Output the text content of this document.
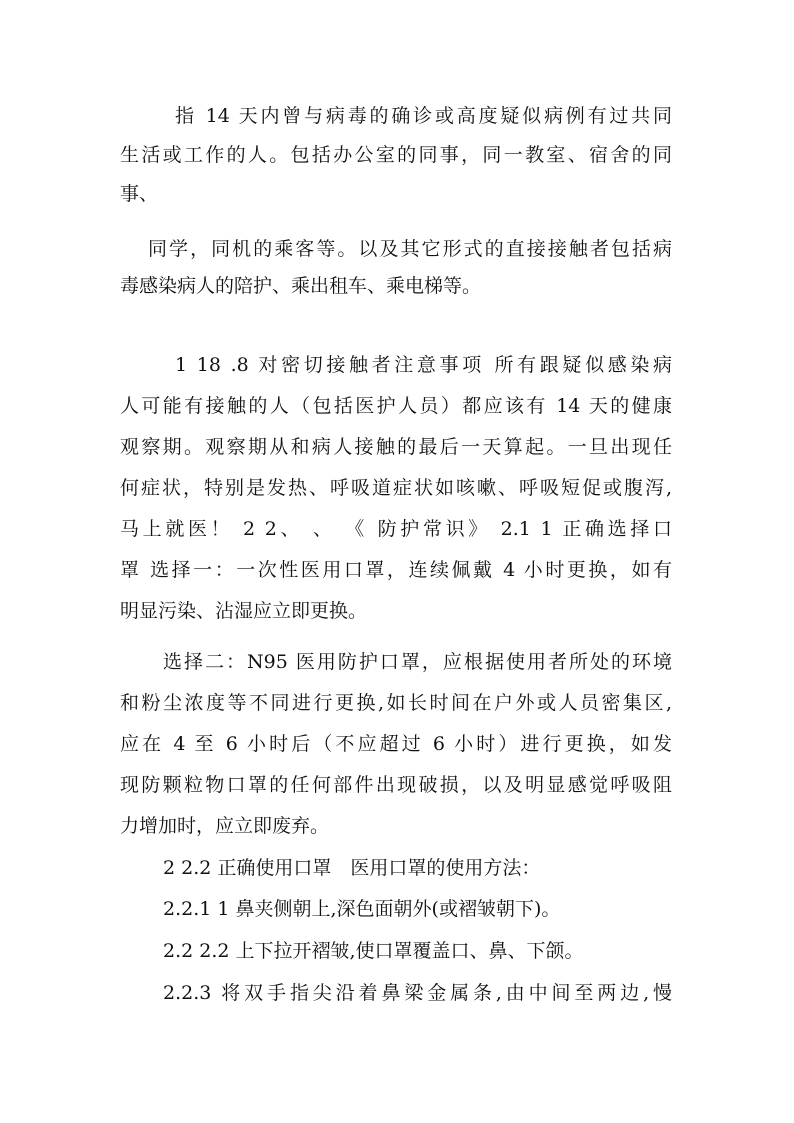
指 14 天内曾与病毒的确诊或高度疑似病例有过共同
生活或工作的人。包括办公室的同事，同一教室、宿舍的同
事、
同学，同机的乘客等。以及其它形式的直接接触者包括病
毒感染病人的陪护、乘出租车、乘电梯等。
1 18 .8 对密切接触者注意事项 所有跟疑似感染病
人可能有接触的人（包括医护人员）都应该有 14 天的健康
观察期。观察期从和病人接触的最后一天算起。一旦出现任
何症状，特别是发热、呼吸道症状如咳嗽、呼吸短促或腹泻,
马上就医！ 2 2、 、 《 防护常识》 2.1 1 正确选择口
罩 选择一：一次性医用口罩，连续佩戴 4 小时更换，如有
明显污染、沾湿应立即更换。
选择二：N95 医用防护口罩，应根据使用者所处的环境
和粉尘浓度等不同进行更换,如长时间在户外或人员密集区,
应在 4 至 6 小时后（不应超过 6 小时）进行更换，如发
现防颗粒物口罩的任何部件出现破损，以及明显感觉呼吸阻
力增加时，应立即废弃。
2 2.2 正确使用口罩　医用口罩的使用方法：
2.2.1 1 鼻夹侧朝上,深色面朝外(或褶皱朝下)。
2.2 2.2 上下拉开褶皱,使口罩覆盖口、鼻、下颌。
2.2.3 将双手指尖沿着鼻梁金属条,由中间至两边,慢
